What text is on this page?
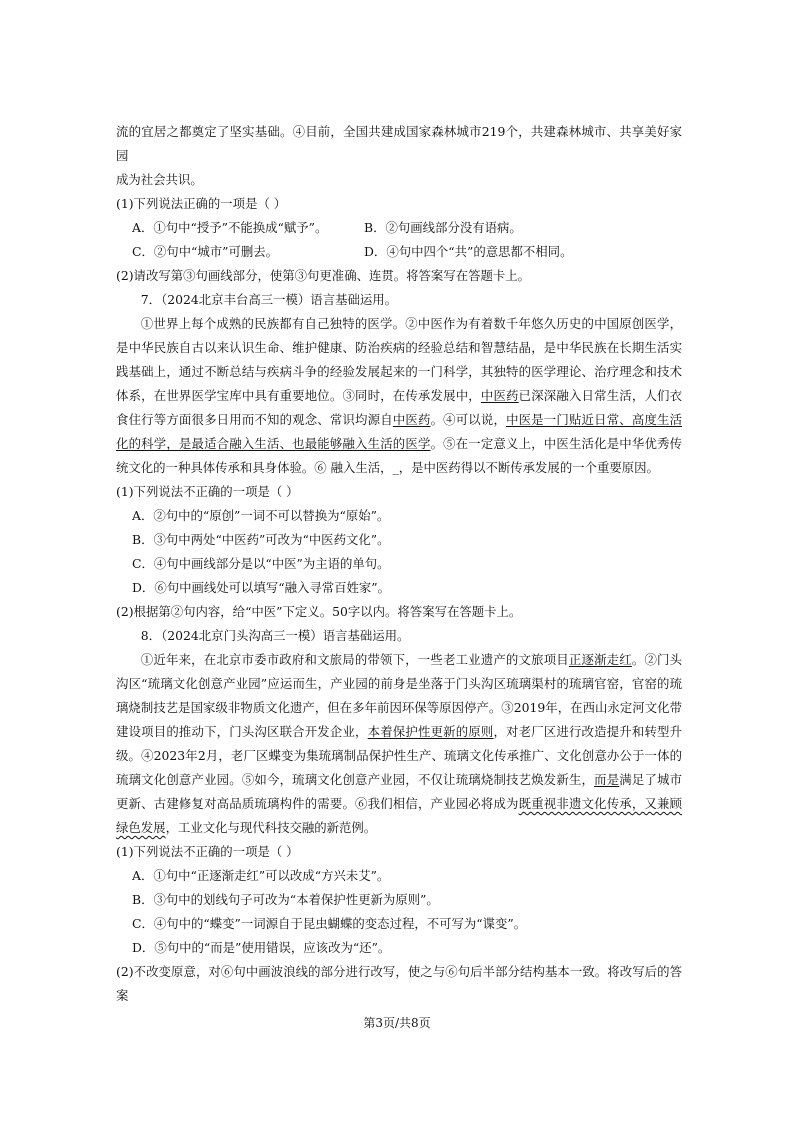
流的宜居之都奠定了坚实基础。④目前，全国共建成国家森林城市219个，共建森林城市、共享美好家园
成为社会共识。

(1)下列说法正确的一项是（ ）

A．①句中“授予”不能换成“赋予”。	B．②句画线部分没有语病。
C．②句中“城市”可删去。	D．④句中四个“共”的意思都不相同。

(2)请改写第③句画线部分，使第③句更准确、连贯。将答案写在答题卡上。

7．（2024北京丰台高三一模）语言基础运用。

①世界上每个成熟的民族都有自己独特的医学。②中医作为有着数千年悠久历史的中国原创医学，是中华民族自古以来认识生命、维护健康、防治疾病的经验总结和智慧结晶，是中华民族在长期生活实践基础上，通过不断总结与疾病斗争的经验发展起来的一门科学，其独特的医学理论、治疗理念和技术体系，在世界医学宝库中具有重要地位。③同时，在传承发展中，中医药已深深融入日常生活，人们衣食住行等方面很多日用而不知的观念、常识均源自中医药。④可以说，中医是一门贴近日常、高度生活化的科学，是最适合融入生活、也最能够融入生活的医学。⑤在一定意义上，中医生活化是中华优秀传统文化的一种具体传承和具身体验。⑥ 融入生活，_，是中医药得以不断传承发展的一个重要原因。

(1)下列说法不正确的一项是（ ）

A．②句中的“原创”一词不可以替换为“原始”。

B．③句中两处“中医药”可改为“中医药文化”。

C．④句中画线部分是以“中医”为主语的单句。

D．⑥句中画线处可以填写“融入寻常百姓家”。

(2)根据第②句内容，给“中医”下定义。50字以内。将答案写在答题卡上。

8．（2024北京门头沟高三一模）语言基础运用。

①近年来，在北京市委市政府和文旅局的带领下，一些老工业遗产的文旅项目正逐渐走红。②门头沟区“琉璃文化创意产业园”应运而生，产业园的前身是坐落于门头沟区琉璃渠村的琉璃官窑，官窑的琉璃烧制技艺是国家级非物质文化遗产，但在多年前因环保等原因停产。③2019年，在西山永定河文化带建设项目的推动下，门头沟区联合开发企业，本着保护性更新的原则，对老厂区进行改造提升和转型升级。④2023年2月，老厂区蝶变为集琉璃制品保护性生产、琉璃文化传承推广、文化创意办公于一体的琉璃文化创意产业园。⑤如今，琉璃文化创意产业园，不仅让琉璃烧制技艺焕发新生，而是满足了城市更新、古建修复对高品质琉璃构件的需要。⑥我们相信，产业园必将成为既重视非遗文化传承，又兼顾绿色发展，工业文化与现代科技交融的新范例。

(1)下列说法不正确的一项是（ ）

A．①句中“正逐渐走红”可以改成“方兴未艾”。

B．③句中的划线句子可改为“本着保护性更新为原则”。

C．④句中的“蝶变”一词源自于昆虫蝴蝶的变态过程，不可写为“谍变”。

D．⑤句中的“而是”使用错误，应该改为“还”。

(2)不改变原意，对⑥句中画波浪线的部分进行改写，使之与⑥句后半部分结构基本一致。将改写后的答案

第3页/共8页
